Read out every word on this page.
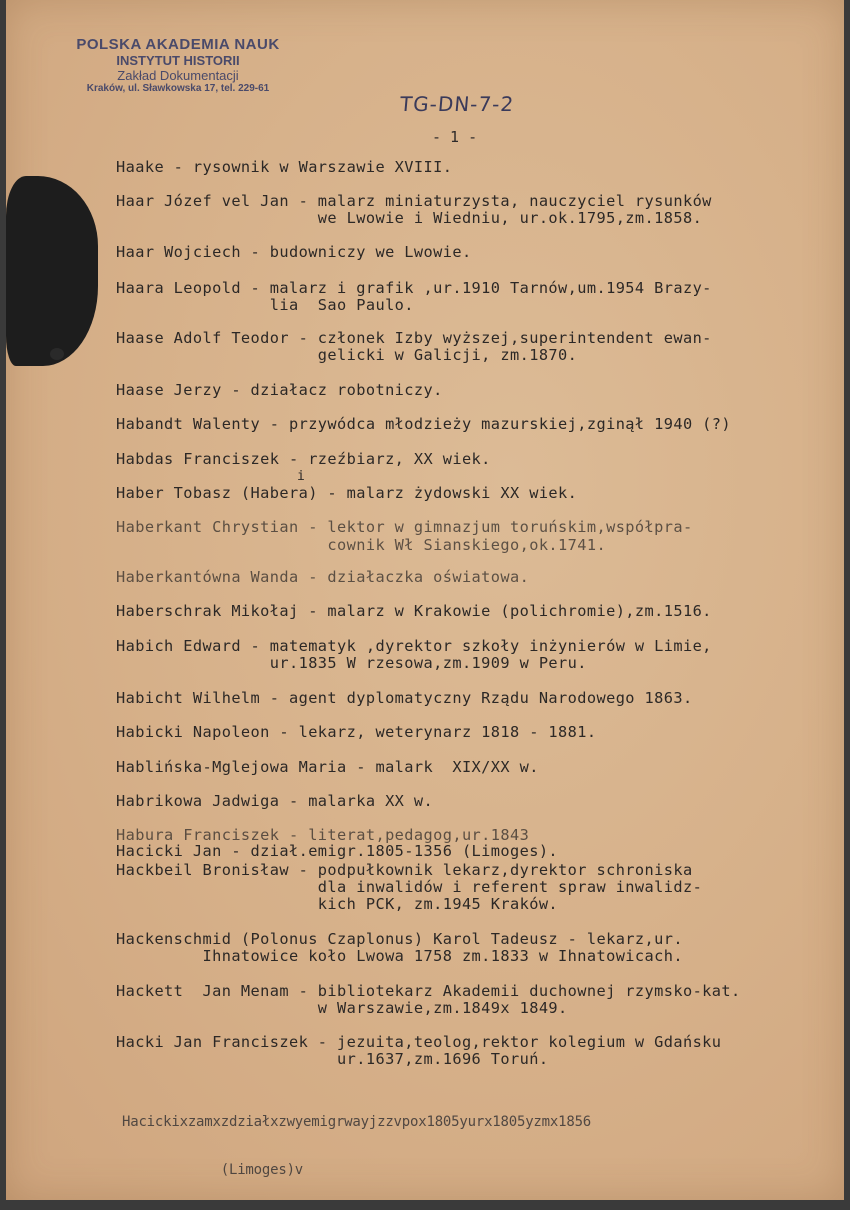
POLSKA AKADEMIA NAUK
INSTYTUT HISTORII
Zakład Dokumentacji
Kraków, ul. Sławkowska 17, tel. 229-61
TG-DN-7-2
- 1 -
Haake - rysownik w Warszawie XVIII.
Haar Józef vel Jan - malarz miniaturzysta, nauczyciel rysunków
we Lwowie i Wiedniu, ur.ok.1795,zm.1858.
Haar Wojciech - budowniczy we Lwowie.
Haara Leopold - malarz i grafik ,ur.1910 Tarnów,um.1954 Brazy-
lia  Sao Paulo.
Haase Adolf Teodor - członek Izby wyższej,superintendent ewan-
gelicki w Galicji, zm.1870.
Haase Jerzy - działacz robotniczy.
Habandt Walenty - przywódca młodzieży mazurskiej,zginął 1940 (?)
Habdas Franciszek - rzeźbiarz, XX wiek.
i
Haber Tobasz (Habera) - malarz żydowski XX wiek.
Haberkant Chrystian - lektor w gimnazjum toruńskim,współpra-
cownik Wł Sianskiego,ok.1741.
Haberkantówna Wanda - działaczka oświatowa.
Haberschrak Mikołaj - malarz w Krakowie (polichromie),zm.1516.
Habich Edward - matematyk ,dyrektor szkoły inżynierów w Limie,
ur.1835 W rzesowa,zm.1909 w Peru.
Habicht Wilhelm - agent dyplomatyczny Rządu Narodowego 1863.
Habicki Napoleon - lekarz, weterynarz 1818 - 1881.
Hablińska-Mglejowa Maria - malark  XIX/XX w.
Habrikowa Jadwiga - malarka XX w.
Habura Franciszek - literat,pedagog,ur.1843
Hacicki Jan - dział.emigr.1805-1356 (Limoges).
Hackbeil Bronisław - podpułkownik lekarz,dyrektor schroniska
dla inwalidów i referent spraw inwalidz-
kich PCK, zm.1945 Kraków.
Hackenschmid (Polonus Czaplonus) Karol Tadeusz - lekarz,ur.
Ihnatowice koło Lwowa 1758 zm.1833 w Ihnatowicach.
Hackett  Jan Menam - bibliotekarz Akademii duchownej rzymsko-kat.
w Warszawie,zm.1849x 1849.
Hacki Jan Franciszek - jezuita,teolog,rektor kolegium w Gdańsku
ur.1637,zm.1696 Toruń.

Hacickixzamxzdziałxzwyemigrwayjzzvpox1805yurx1805yzmx1856

(Limoges)v
